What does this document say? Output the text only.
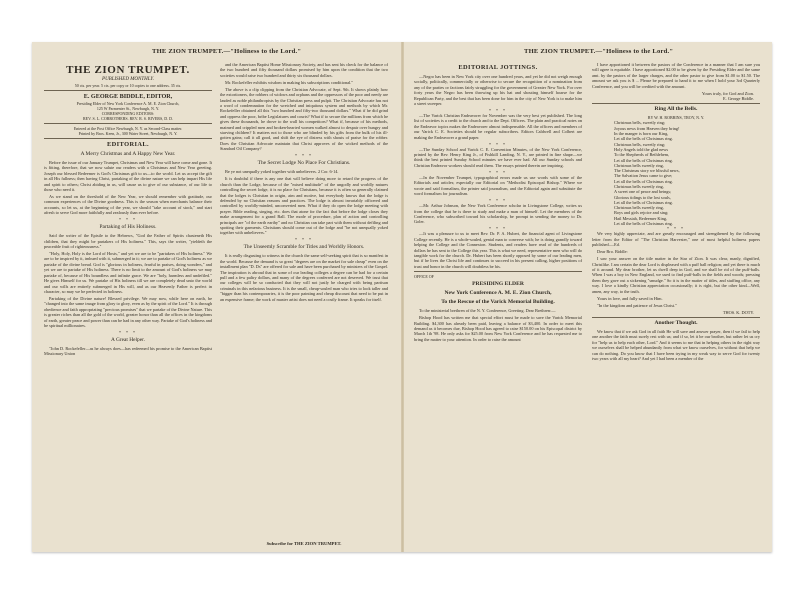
THE ZION TRUMPET.—"Holiness to the Lord."
THE ZION TRUMPET.
PUBLISHED MONTHLY.
50 cts. per year. 5 cts. per copy or 10 copies to one address. 35 cts.
E. GEORGE BIDDLE, EDITOR,
Presiding Elder of New York Conference A. M. E. Zion Church,
125 W Parmenter St., Newburgh, N. Y.
CORRESPONDING EDITORS:
REV. S. L. CORROTHERS. REV. R. S. RIVERS, D. D.
Entered at the Post Office Newburgh, N. Y. as Second-Class matter.
Printed by Bros. Keen, Jr., 300 Water Street, Newburgh, N. Y.
EDITORIAL.
A Merry Christmas and A Happy New Year.

Before the issue of our January Trumpet, Christmas and New Year will have come and gone. It is fitting, therefore, that we now salute our readers with a Christmas and New Year greeting. Joseph our blessed Redeemer is God's Christmas gift to us—to the world. Let us accept the gift in all His fullness; then having Christ, partaking of the divine nature we can help impart His life and spirit to others; Christ abiding in us, will cause us to give of our substance, of our life to those who need it.

As we stand on the threshold of the New Year, we should remember with gratitude, our common experiences of the Divine goodness. This is the season when merchants balance their accounts, so let us, at the beginning of the year, we should "take account of stock," and start afresh to serve God more faithfully and zealously than ever before.

* * *
Partaking of His Holiness.

Said the writer of the Epistle to the Hebrews, "God the Father of Spirits chasteneth His children, that they might be partakers of His holiness." This, says the writer, "yieldeth the peaceable fruit of righteousness."

"Holy, Holy, Holy is the Lord of Hosts," and yet we are to be "partakers of His holiness." We are to be inspired by it, imbued with it, submerged in it; we are to partake of God's holiness as we partake of the divine bread. God is "glorious in holiness, fearful in praises, doing wonders," and yet we are to partake of His holiness. There is no limit to the amount of God's holiness we may partake of, because of His boundless and infinite grace. We are "holy, harmless and undefiled." He gives Himself for us. We partake of His holiness till we are completely dead unto the world and our wills are entirely submerged in His will, and as our Heavenly Father is perfect in character, so may we be perfected in holiness.

Partaking of the Divine nature! Blessed privilege. We may now, while here on earth, be "changed into the same image from glory to glory, even as by the spirit of the Lord." It is through obedience and faith appropriating "precious promises" that we partake of the Divine Nature. This is greater riches than all the gold of the world, greater honor than all the offices in the kingdoms of earth, greater peace and power than can be had in any other way. Partake of God's holiness and be spiritual millionaires.

* * *
A Great Helper.

"John D. Rockefeller—as he always does—has redeemed his promise to the American Baptist Missionary Union

and the American Baptist Home Missionary Society, and has sent his check for the balance of the two hundred and fifty thousand dollars promised by him upon the condition that the two societies would raise two hundred and thirty six thousand dollars.

Mr. Rockefeller exhibits wisdom in making his subscriptions conditional."

The above is a clip clipping from the Christian Advocate, of Sept. 9th. It shows plainly how the extortioners, the robbers of widows and orphans and the oppressors of the poor and needy are lauded as noble philanthropists by the Christian press and pulpit. The Christian Advocate has not a word of condemnation for the wretched and iniquitous system and methods by which Mr. Rockefeller obtained all this "two hundred and fifty-two thousand dollars." What if he did grind and oppress the poor, bribe Legislatures and courts? What if to secure the millions from which he gives these thousands, he drove to the wall his competitors? What if, because of his methods, maimed and crippled men and broken-hearted women walked almost to despair over hungry and starving children? It matters not to those who are blinded by his gifts from the bulk of his ill-gotten gains; call it all good, and shift the eye of distress with shouts of praise for the robber. Does the Christian Advocate maintain that Christ approves of the wicked methods of the Standard Oil Company?

* * *
The Secret Lodge No Place For Christians.

Be ye not unequally yoked together with unbelievers. 2 Cor. 6-14.

It is doubtful if there is any one that will believe doing more to retard the progress of the church than the Lodge, because of the "mixed multitude" of the ungodly and worldly natures controlling the secret lodge, it is no place for Christians, because it is often so generally claimed that the lodges is Christian in origin, aim and motive, but everybody knows that the lodge is defended by no Christian reasons and practices. The lodge is almost invariably officered and controlled by worldly-minded, unconverted men. What if they do open the lodge meeting with prayer. Bible reading, singing, etc. does that atone for the fact that before the lodge closes they make arrangement for a grand Ball. The mode of procedure, plan of action and controlling principals are "of the earth earthy" and no Christian can take part with them without defiling and spotting their garments. Christians should come out of the lodge and "be not unequally yoked together with unbelievers."

* * *
The Unseemly Scramble for Titles and Worldly Honors.

It is really disgusting to witness in the church the same self-seeking spirit that is so manifest in the world. Because the demand is so great "degrees are on the market for sale cheap" even on the installment plan "D. Ds" are offered for sale and have been purchased by ministers of the Gospel. The inspiration is abroad that in some of our leading colleges a degree can be had for a certain pull and a few paltry dollars, and many of the degrees conferred are not deserved. We trust that our colleges will be so conducted that they will not justly be charged with being partisan criminals in this nefarious business. It is the small, cheap-souled man who tries to look taller and "bigger than his contemporaries, it is the poor painting and cheap discount that need to be put in an expensive frame; the work of master artist does not need a costly frame. It speaks for itself.

Subscribe for THE ZION TRUMPET.
THE ZION TRUMPET.—"Holiness to the Lord."
EDITORIAL JOTTINGS.

—Negro has been in New York city over one hundred years, and yet he did not weigh enough socially, politically, commercially or otherwise to secure the recognition of a nomination from any of the parties or factions fairly struggling for the government of Greater New York. For over forty years the Negro has been throwing up his hat and shouting himself hoarse for the Republican Party, and the best that has been done for him in the city of New York is to make him a street sweeper.

* * *

—The Varick Christian Endeavorer for November was the very best yet published. The long list of societies is a credit to the church and to the Dept. Officers. The plain and practical notes on the Endeavor topics makes the Endeavorer almost indispensable. All the officers and members of our Varick C. E. Societies should be regular subscribers. Editors Caldwell and Colbert are making the Endeavorer a grand paper.

* * *

—The Sunday School and Varick C. E. Convention Minutes, of the New York Conference, printed by the Rev. Henry King Jr., of Fishkill Landing, N. Y., are printed in fine shape—we think the best printed Sunday School minutes we have ever had. All our Sunday schools and Christian Endeavor workers should read them. The essays printed therein are inspiring.

* * *

—In the November Trumpet, typographical errors made us use words with some of the Editorials and articles; especially our Editorial on "Methodist Episcopal Bishop." Where we wrote and said formalism, the printer said journalism, and the Editorial again and substitute the word formalism for journalism.

* * *

—Mr. Arthur Johnson, the New York Conference scholar in Livingstone College, writes us from the college that he is there to study and make a man of himself. Let the members of the Conference, who subscribed toward his scholarship, be prompt in sending the money to Dr. Goler.

* * *

—It was a pleasure to us to meet Rev. Dr. P. A. Hubert, the financial agent of Livingstone College recently. He is a whole-souled, genial man to converse with; he is doing grandly toward helping the College and the Connexion. Students, and readers have read of the hundreds of dollars he has sent to the College this year. This is what we need, representative men who will do tangible work for the church. Dr. Hubert has been shortly opposed by some of our leading men, but if he lives the Christ life and continues to succeed in his present calling, higher positions of trust and honor in the church will doubtless be his.

OFFICE OF
PRESIDING ELDER
New York Conference A. M. E. Zion Church,
To the Rescue of the Varick Memorial Building.

To the ministerial brethren of the N. Y. Conference, Greeting. Dear Brethren:—

Bishop Hood has written me that special effort must be made to save the Varick Memorial Building. $4,300 has already been paid, leaving a balance of $3,400. In order to meet this demand as it becomes due, Bishop Hood has agreed to raise $150.00 on his Episcopal district by March 1th '98. He only asks for $25.00 from New York Conference and he has requested me to bring the matter to your attention. In order to raise the amount

I have apportioned it between the pastors of the Conference in a manner that I am sure you will agree is equitable. I have apportioned $2.00 to be given by the Presiding Elder and the same amt. by the pastors of the larger charges, and the other pastor to give from $1.00 to $1.50. The amount we ask you is $ ... Please be prepared to hand it to me when I hold your 3rd Quarterly Conference, and you will be credited with the amount.

Yours truly, for God and Zion.
E. George Biddle.
Ring All the Bells.
BY W. H. ROBBINS, TROY, N. Y.
Christmas bells, sweetly ring;
Joyous news from Heaven they bring!
In the manger is born our King,
Let all the bells of Christmas ring.
Christmas bells, sweetly ring;
Holy Angels told the glad news
To the Shepherds of Bethlehem,
Let all the bells of Christmas ring.
Christmas bells sweetly ring,
The Christmas story we blissful news,
The Salvation Jesus came to give;
Let all the bells of Christmas ring.
Christmas bells sweetly ring,
A sweet one of peace and beings;
Glorious tidings to the lost souls,
Let all the bells of Christmas ring.
Christmas bells sweetly ring,
Boys and girls rejoice and sing;
Hail Messiah, Redeemer King,
Let all the bells of Christmas ring.
* * *

We very highly appreciate, and are greatly encouraged and strengthened by the following letter from the Editor of "The Christian Harvester," one of most helpful holiness papers published.—Ed.

Dear Bro. Biddle:

I saw your answer on the title matter in the Star of Zion. It was clear, manly, dignified, Christlike. I am certain the dear Lord is displeased with a puff ball religion; and yet there is much of it around. My dear brother, let us dwell deep in God, and we shall be rid of the puff-balls. When I was a boy in New England, we used to find puff-balls in the fields and woods; pressing them they gave out a sickening "smudge." So it is in the matter of titles, and stuffing office, any way. I love a kindly Christian appreciation occasionally; it is right, but the other kind—Well, amen, any way, to the truth.

Yours in love, and fully saved in Him.

"In the kingdom and patience of Jesus Christ."

THOS. K. DOTY.
Another Thought.

We know that if we ask God in all faith He will save and answer prayer, then if we fail to help one another the faith must surely rest with us; and if so, let it be our brother, but rather let us cry for "help us to help each other, Lord." And it seems to me that in helping others in the right way we ourselves shall be helped abundantly from what we know ourselves, for without that help we can do nothing. Do you know that I have been trying in my weak way to serve God for twenty two years with all my heart? And yet I had been a member of the
